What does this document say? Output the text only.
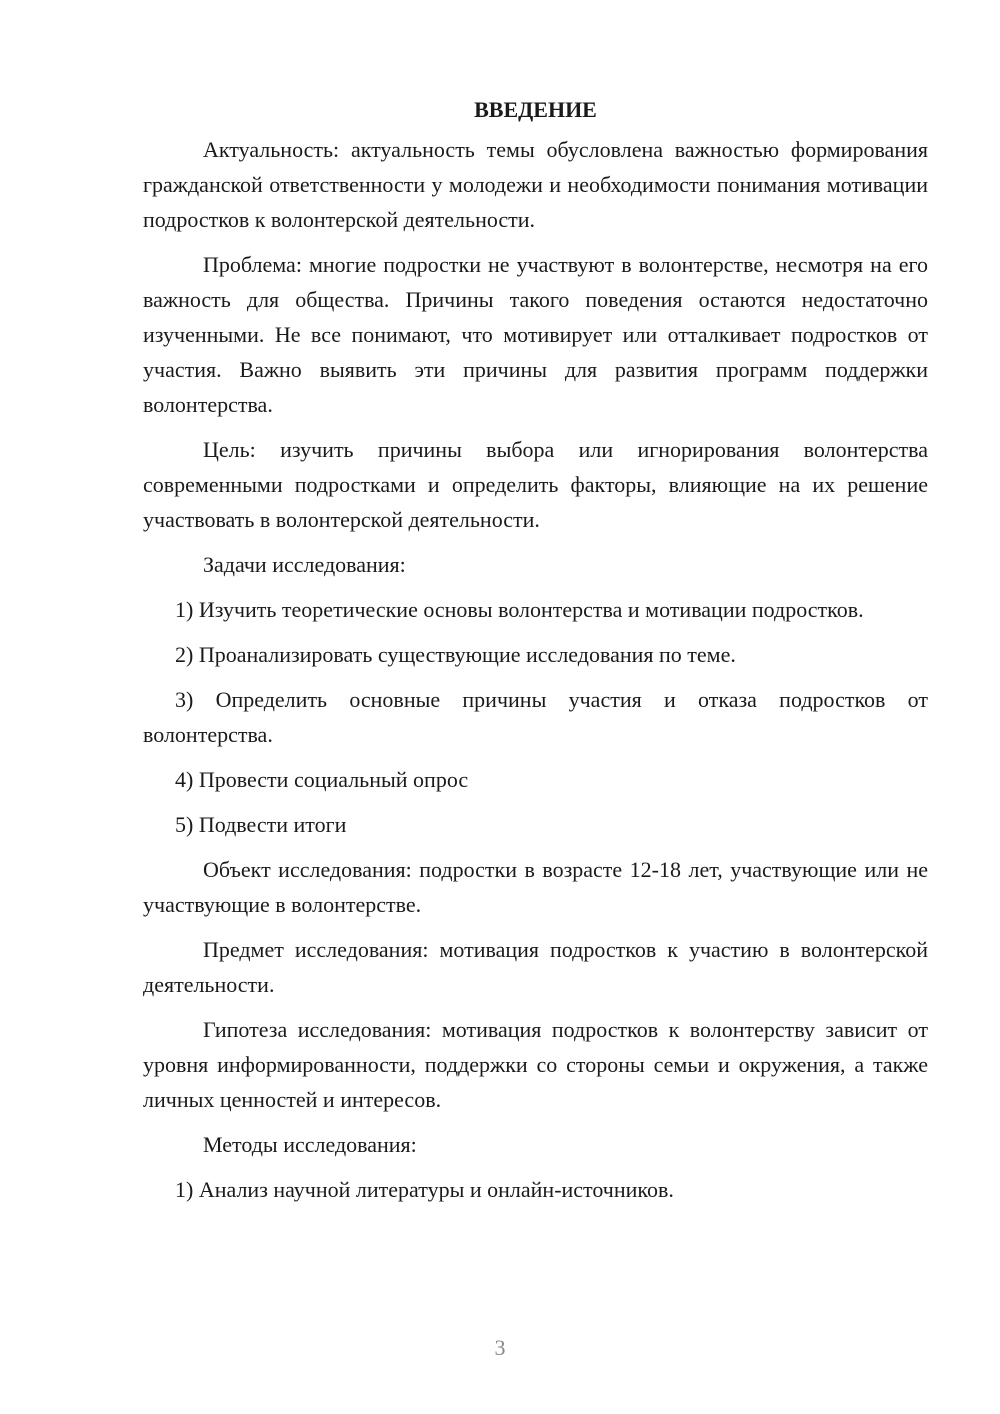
ВВЕДЕНИЕ

Актуальность: актуальность темы обусловлена важностью формирования гражданской ответственности у молодежи и необходимости понимания мотивации подростков к волонтерской деятельности.

Проблема: многие подростки не участвуют в волонтерстве, несмотря на его важность для общества. Причины такого поведения остаются недостаточно изученными. Не все понимают, что мотивирует или отталкивает подростков от участия. Важно выявить эти причины для развития программ поддержки волонтерства.

Цель: изучить причины выбора или игнорирования волонтерства современными подростками и определить факторы, влияющие на их решение участвовать в волонтерской деятельности.

Задачи исследования:

1) Изучить теоретические основы волонтерства и мотивации подростков.

2) Проанализировать существующие исследования по теме.

3) Определить основные причины участия и отказа подростков от волонтерства.

4) Провести социальный опрос

5) Подвести итоги

Объект исследования: подростки в возрасте 12-18 лет, участвующие или не участвующие в волонтерстве.

Предмет исследования: мотивация подростков к участию в волонтерской деятельности.

Гипотеза исследования: мотивация подростков к волонтерству зависит от уровня информированности, поддержки со стороны семьи и окружения, а также личных ценностей и интересов.

Методы исследования:

1) Анализ научной литературы и онлайн-источников.

3
